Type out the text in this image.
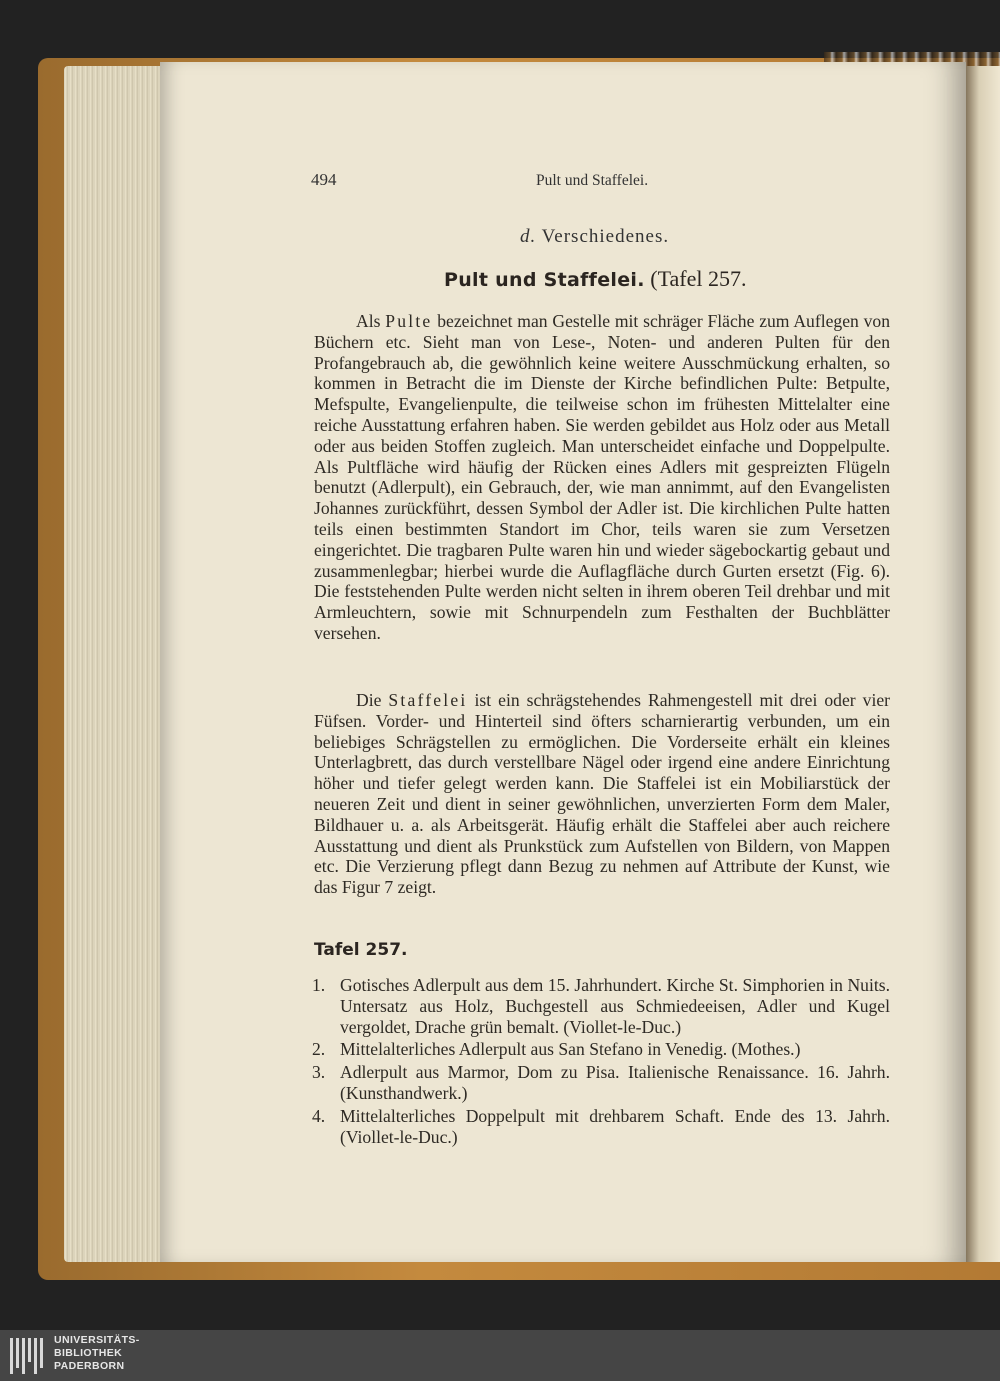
494	Pult und Staffelei.
d. Verschiedenes.
Pult und Staffelei. (Tafel 257.

Als Pulte bezeichnet man Gestelle mit schräger Fläche zum Auflegen von Büchern etc. Sieht man von Lese-, Noten- und anderen Pulten für den Profangebrauch ab, die gewöhnlich keine weitere Ausschmückung erhalten, so kommen in Betracht die im Dienste der Kirche befindlichen Pulte: Betpulte, Mefspulte, Evangelienpulte, die teilweise schon im frühesten Mittelalter eine reiche Ausstattung erfahren haben. Sie werden gebildet aus Holz oder aus Metall oder aus beiden Stoffen zugleich. Man unterscheidet einfache und Doppelpulte. Als Pultfläche wird häufig der Rücken eines Adlers mit gespreizten Flügeln benutzt (Adlerpult), ein Gebrauch, der, wie man annimmt, auf den Evangelisten Johannes zurückführt, dessen Symbol der Adler ist. Die kirchlichen Pulte hatten teils einen bestimmten Standort im Chor, teils waren sie zum Versetzen eingerichtet. Die tragbaren Pulte waren hin und wieder sägebockartig gebaut und zusammenlegbar; hierbei wurde die Auflagfläche durch Gurten ersetzt (Fig. 6). Die feststehenden Pulte werden nicht selten in ihrem oberen Teil drehbar und mit Armleuchtern, sowie mit Schnurpendeln zum Festhalten der Buchblätter versehen.

Die Staffelei ist ein schrägstehendes Rahmengestell mit drei oder vier Füfsen. Vorder- und Hinterteil sind öfters scharnierartig verbunden, um ein beliebiges Schrägstellen zu ermöglichen. Die Vorderseite erhält ein kleines Unterlagbrett, das durch verstellbare Nägel oder irgend eine andere Einrichtung höher und tiefer gelegt werden kann. Die Staffelei ist ein Mobiliarstück der neueren Zeit und dient in seiner gewöhnlichen, unverzierten Form dem Maler, Bildhauer u. a. als Arbeitsgerät. Häufig erhält die Staffelei aber auch reichere Ausstattung und dient als Prunkstück zum Aufstellen von Bildern, von Mappen etc. Die Verzierung pflegt dann Bezug zu nehmen auf Attribute der Kunst, wie das Figur 7 zeigt.

Tafel 257.
1. Gotisches Adlerpult aus dem 15. Jahrhundert. Kirche St. Simphorien in Nuits. Untersatz aus Holz, Buchgestell aus Schmiedeeisen, Adler und Kugel vergoldet, Drache grün bemalt. (Viollet-le-Duc.)
2. Mittelalterliches Adlerpult aus San Stefano in Venedig. (Mothes.)
3. Adlerpult aus Marmor, Dom zu Pisa. Italienische Renaissance. 16. Jahrh. (Kunsthandwerk.)
4. Mittelalterliches Doppelpult mit drehbarem Schaft. Ende des 13. Jahrh. (Viollet-le-Duc.)
UNIVERSITÄTS-
BIBLIOTHEK
PADERBORN
